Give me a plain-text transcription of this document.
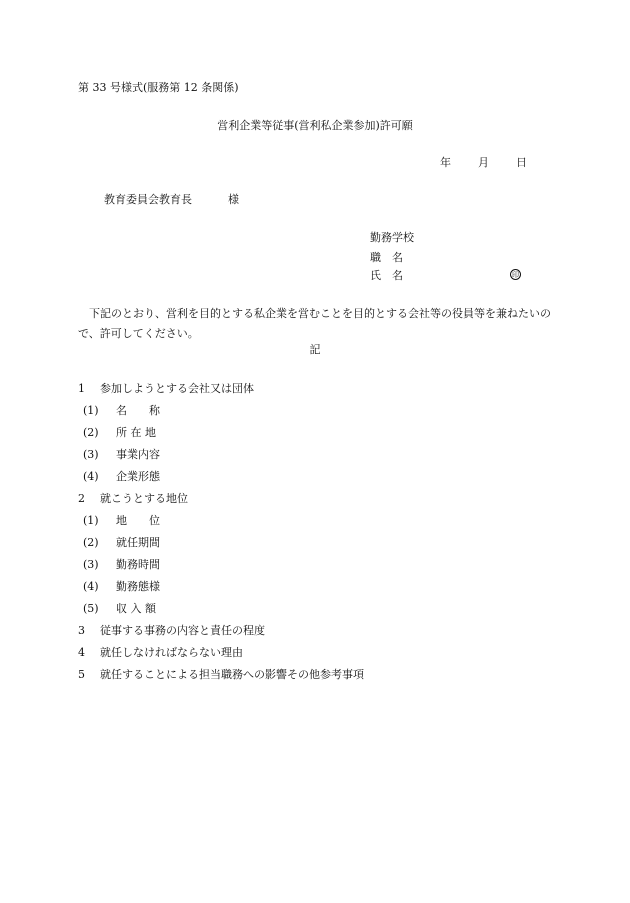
第 33 号様式(服務第 12 条関係)
営利企業等従事(営利私企業参加)許可願
年 月 日
教育委員会教育長	様
勤務学校
職　名
氏　名	印
下記のとおり、営利を目的とする私企業を営むことを目的とする会社等の役員等を兼ねたいので、許可してください。
記
1 参加しようとする会社又は団体
(1) 名　　称
(2) 所 在 地
(3) 事業内容
(4) 企業形態
2 就こうとする地位
(1) 地　　位
(2) 就任期間
(3) 勤務時間
(4) 勤務態様
(5) 収 入 額
3 従事する事務の内容と責任の程度
4 就任しなければならない理由
5 就任することによる担当職務への影響その他参考事項
